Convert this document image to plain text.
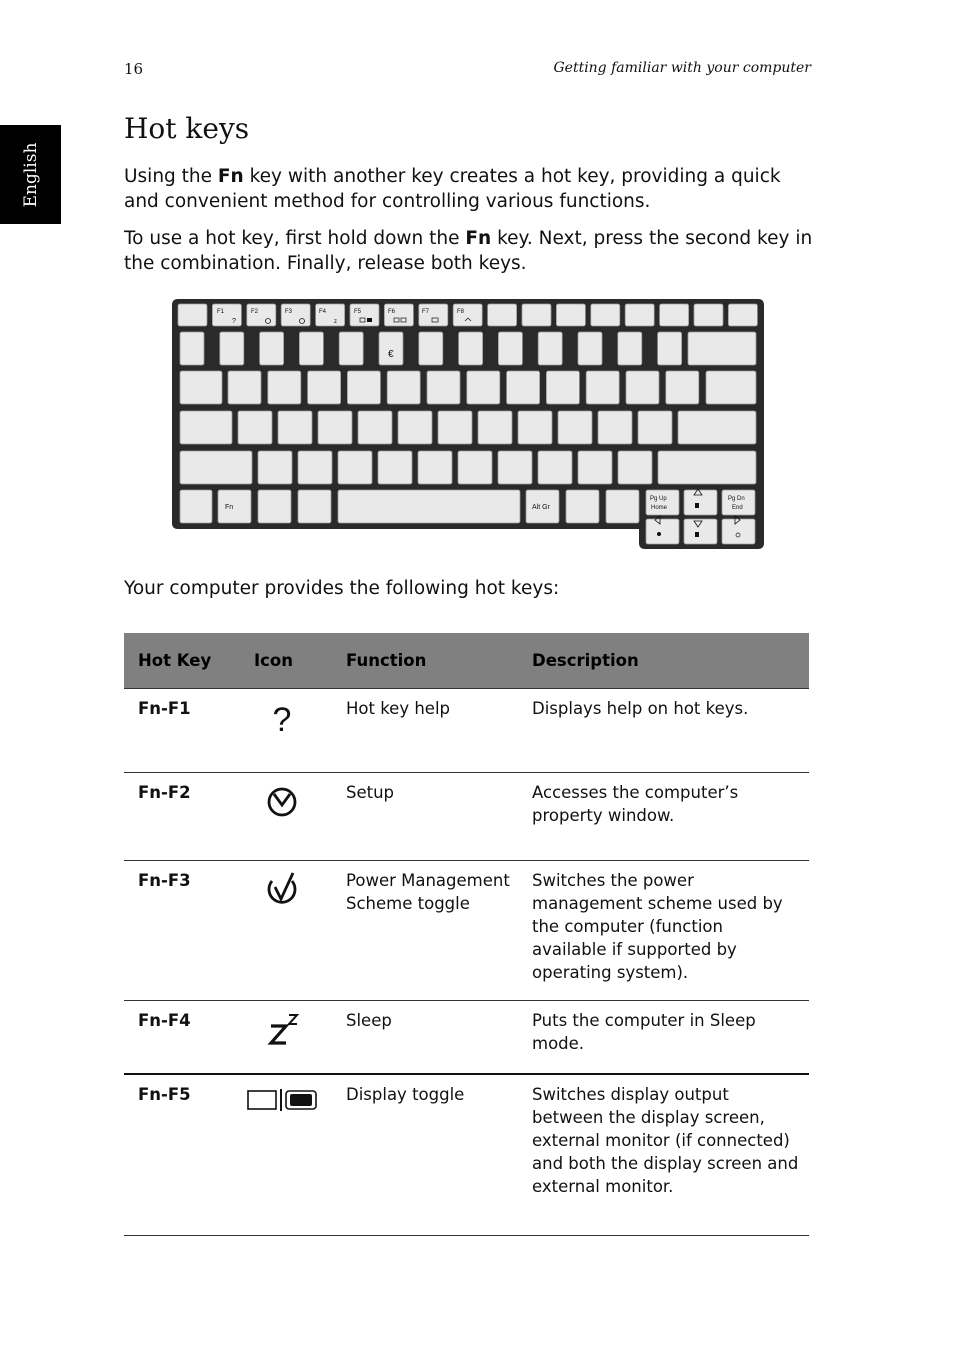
16	Getting familiar with your computer
English
Hot keys

Using the Fn key with another key creates a hot key, providing a quick and convenient method for controlling various functions.

To use a hot key, first hold down the Fn key. Next, press the second key in the combination. Finally, release both keys.

F1	F2	F3	F4	F5	F6	F7	F8
€
Fn	Alt Gr
Pg Up
Home
Pg Dn
End
?	z

Your computer provides the following hot keys:

Hot Key	Icon	Function	Description
Fn-F1	?	Hot key help	Displays help on hot keys.
Fn-F2		Setup	Accesses the computer’s property window.
Fn-F3		Power Management Scheme toggle	Switches the power management scheme used by the computer (function available if supported by operating system).
Fn-F4		Sleep	Puts the computer in Sleep mode.
Fn-F5		Display toggle	Switches display output between the display screen, external monitor (if connected) and both the display screen and external monitor.
